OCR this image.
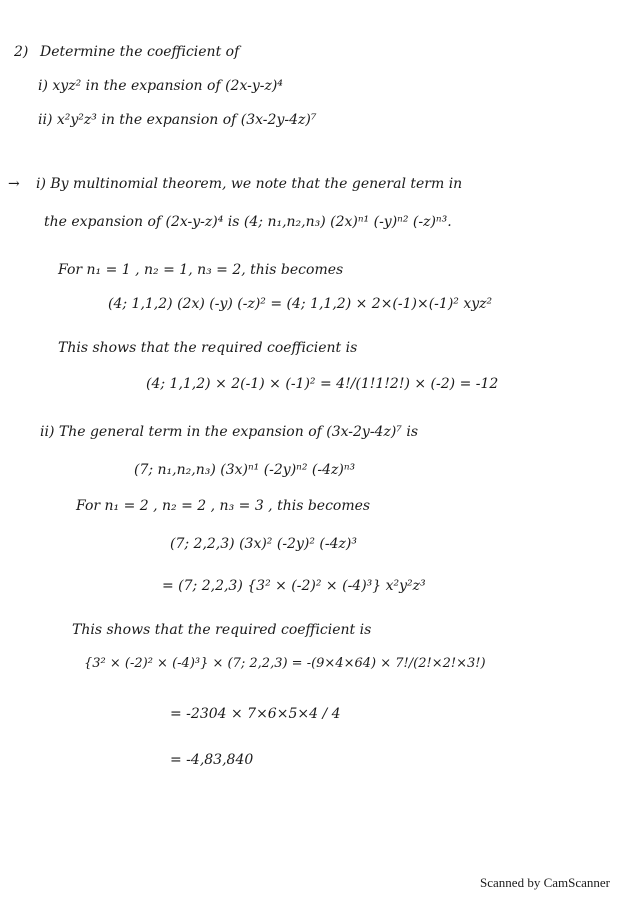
2) Determine the coefficient of
i) xyz² in the expansion of (2x-y-z)⁴
ii) x²y²z³ in the expansion of (3x-2y-4z)⁷
→ i) By multinomial theorem, we note that the general term in
the expansion of (2x-y-z)⁴ is (4; n₁,n₂,n₃) (2x)ⁿ¹ (-y)ⁿ² (-z)ⁿ³.
For n₁ = 1 , n₂ = 1, n₃ = 2, this becomes
(4; 1,1,2) (2x) (-y) (-z)² = (4; 1,1,2) × 2×(-1)×(-1)² xyz²
This shows that the required coefficient is
(4; 1,1,2) × 2(-1) × (-1)² = 4!/(1!1!2!) × (-2) = -12
ii) The general term in the expansion of (3x-2y-4z)⁷ is
(7; n₁,n₂,n₃) (3x)ⁿ¹ (-2y)ⁿ² (-4z)ⁿ³
For n₁ = 2 , n₂ = 2 , n₃ = 3 , this becomes
(7; 2,2,3) (3x)² (-2y)² (-4z)³
= (7; 2,2,3) {3² × (-2)² × (-4)³} x²y²z³
This shows that the required coefficient is
{3² × (-2)² × (-4)³} × (7; 2,2,3) = -(9×4×64) × 7!/(2!×2!×3!)
= -2304 × 7×6×5×4 / 4
= -4,83,840
Scanned by CamScanner
